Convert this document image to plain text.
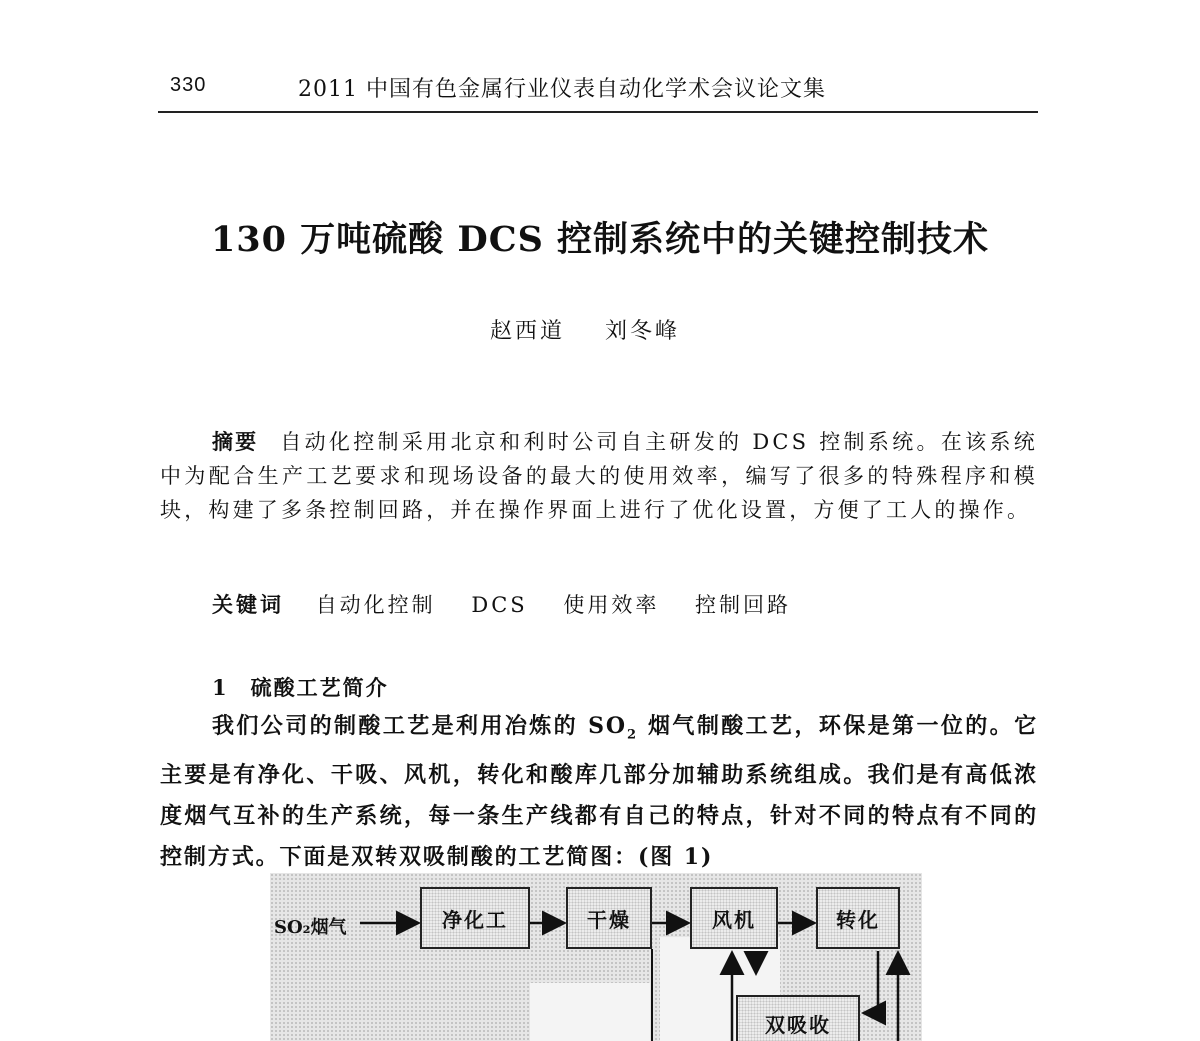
330	2011 中国有色金属行业仪表自动化学术会议论文集
130 万吨硫酸 DCS 控制系统中的关键控制技术
赵西道 刘冬峰
摘要 自动化控制采用北京和利时公司自主研发的 DCS 控制系统。在该系统中为配合生产工艺要求和现场设备的最大的使用效率，编写了很多的特殊程序和模块，构建了多条控制回路，并在操作界面上进行了优化设置，方便了工人的操作。
关键词 自动化控制 DCS 使用效率 控制回路
1 硫酸工艺简介
我们公司的制酸工艺是利用冶炼的 $SO_2$ 烟气制酸工艺，环保是第一位的。它主要是有净化、干吸、风机，转化和酸库几部分加辅助系统组成。我们是有高低浓度烟气互补的生产系统，每一条生产线都有自己的特点，针对不同的特点有不同的控制方式。下面是双转双吸制酸的工艺简图：(图 1)
SO₂烟气	净化工	干燥	风机	转化
双吸收
